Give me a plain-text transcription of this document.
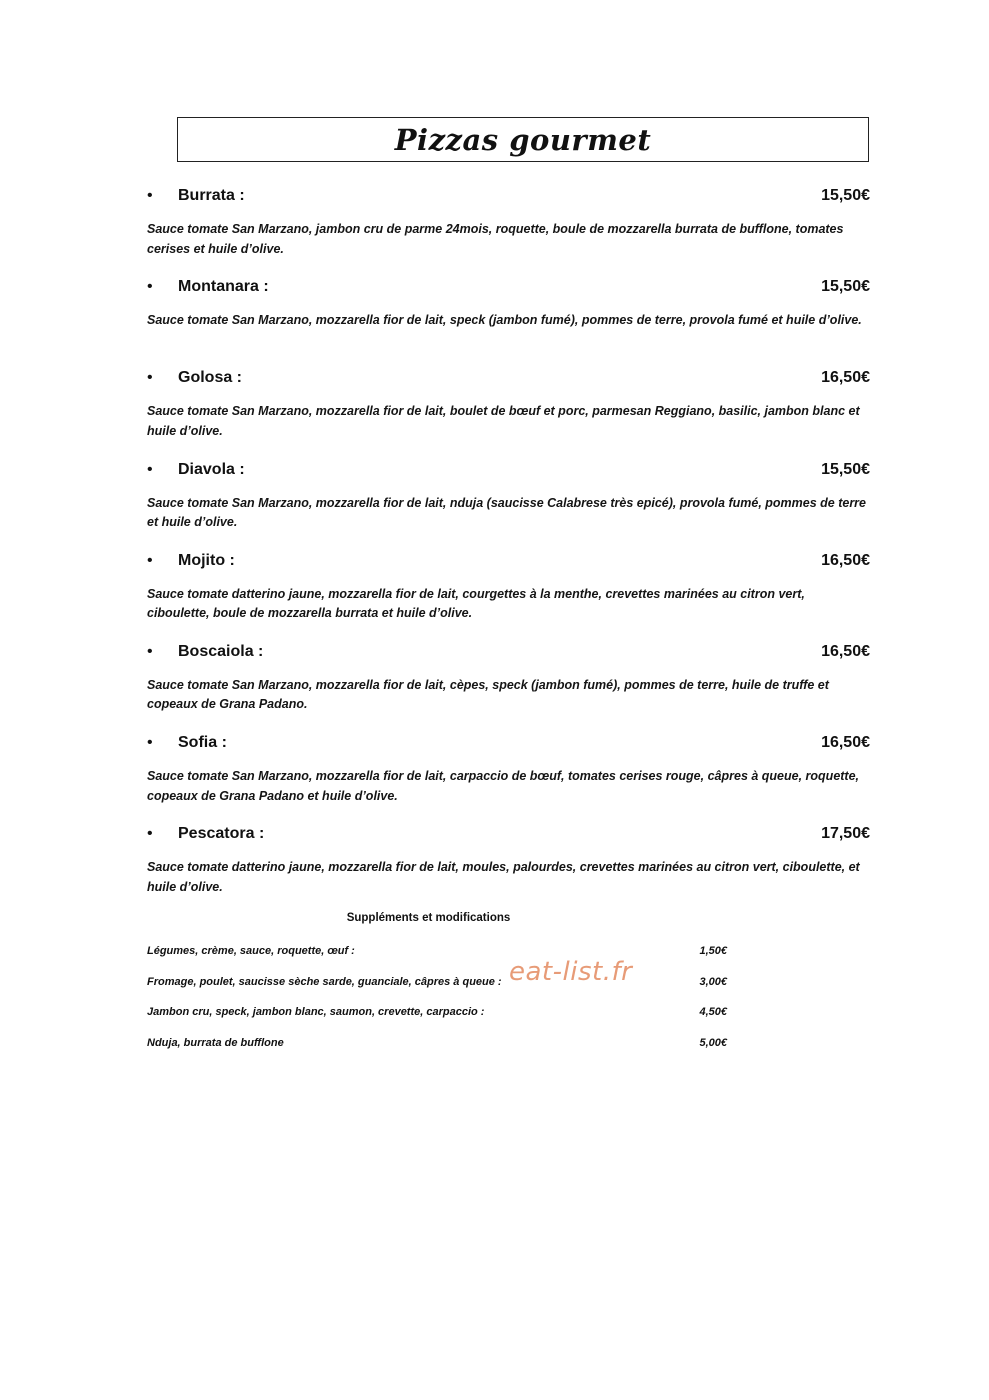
Pizzas gourmet
• Burrata :	15,50€
Sauce tomate San Marzano, jambon cru de parme 24mois, roquette, boule de mozzarella burrata de bufflone, tomates cerises et huile d’olive.
• Montanara :	15,50€
Sauce tomate San Marzano, mozzarella fior de lait, speck (jambon fumé), pommes de terre, provola fumé et huile d’olive.
• Golosa :	16,50€
Sauce tomate San Marzano, mozzarella fior de lait, boulet de bœuf et porc, parmesan Reggiano, basilic, jambon blanc et huile d’olive.
• Diavola :	15,50€
Sauce tomate San Marzano, mozzarella fior de lait, nduja (saucisse Calabrese très epicé), provola fumé, pommes de terre et huile d’olive.
• Mojito :	16,50€
Sauce tomate datterino jaune, mozzarella fior de lait, courgettes à la menthe, crevettes marinées au citron vert, ciboulette, boule de mozzarella burrata et huile d’olive.
• Boscaiola :	16,50€
Sauce tomate San Marzano, mozzarella fior de lait, cèpes, speck (jambon fumé), pommes de terre, huile de truffe et copeaux de Grana Padano.
• Sofia :	16,50€
Sauce tomate San Marzano, mozzarella fior de lait, carpaccio de bœuf, tomates cerises rouge, câpres à queue, roquette, copeaux de Grana Padano et huile d’olive.
• Pescatora :	17,50€
Sauce tomate datterino jaune, mozzarella fior de lait, moules, palourdes, crevettes marinées au citron vert, ciboulette, et huile d’olive.
Suppléments et modifications
Légumes, crème, sauce, roquette, œuf :	1,50€
Fromage, poulet, saucisse sèche sarde, guanciale, câpres à queue :	3,00€
Jambon cru, speck, jambon blanc, saumon, crevette, carpaccio :	4,50€
Nduja, burrata de bufflone	5,00€
eat-list.fr
